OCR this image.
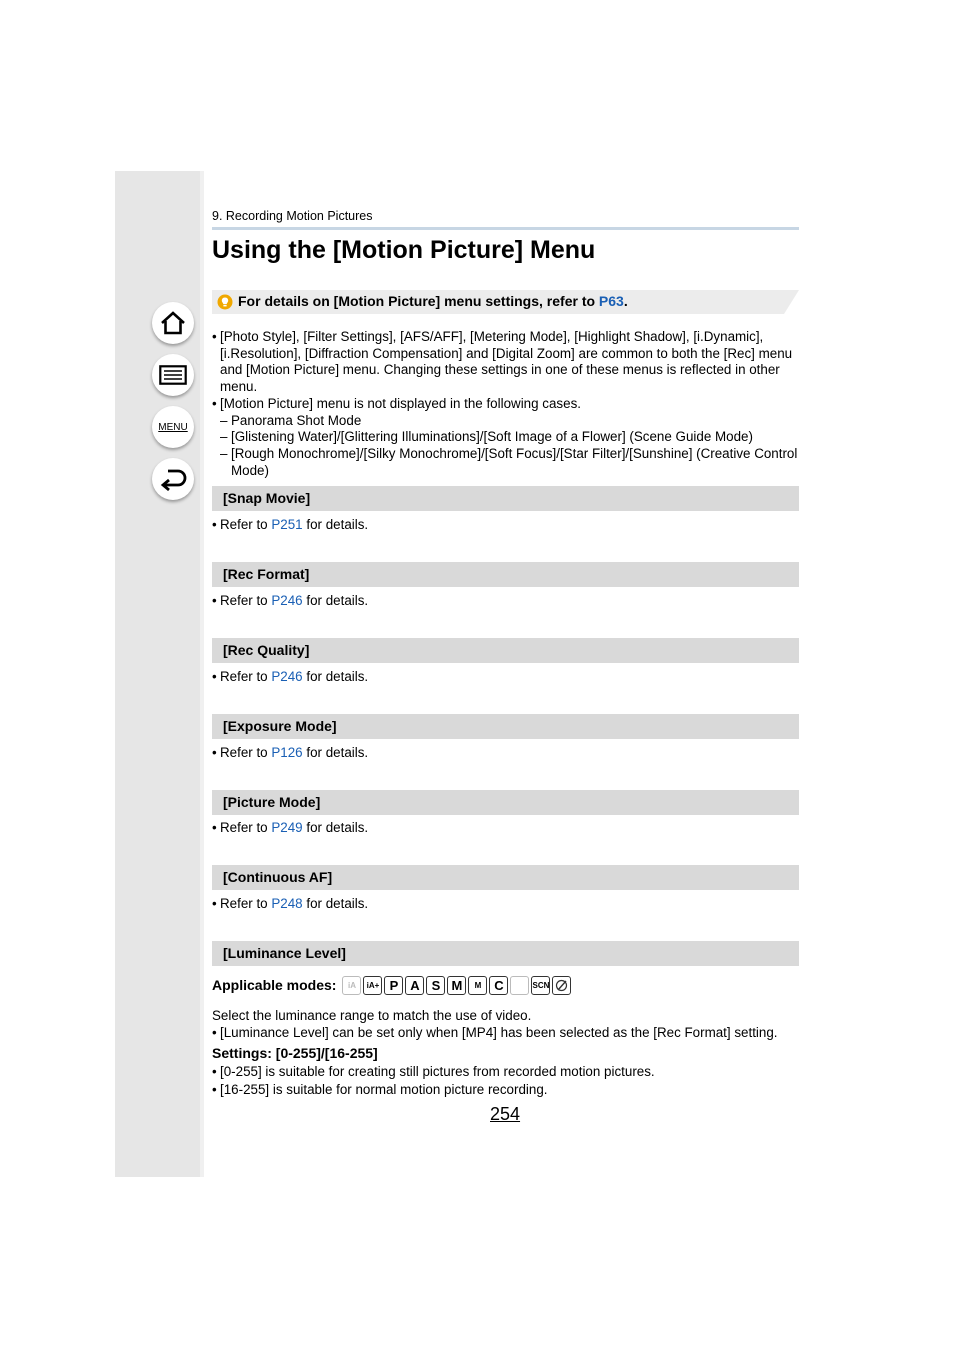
MENU
9. Recording Motion Pictures
Using the [Motion Picture] Menu
For details on [Motion Picture] menu settings, refer to P63.
• [Photo Style], [Filter Settings], [AFS/AFF], [Metering Mode], [Highlight Shadow], [i.Dynamic], [i.Resolution], [Diffraction Compensation] and [Digital Zoom] are common to both the [Rec] menu and [Motion Picture] menu. Changing these settings in one of these menus is reflected in other menu.
• [Motion Picture] menu is not displayed in the following cases.
– Panorama Shot Mode
– [Glistening Water]/[Glittering Illuminations]/[Soft Image of a Flower] (Scene Guide Mode)
– [Rough Monochrome]/[Silky Monochrome]/[Soft Focus]/[Star Filter]/[Sunshine] (Creative Control Mode)
[Snap Movie]
• Refer to P251 for details.
[Rec Format]
• Refer to P246 for details.
[Rec Quality]
• Refer to P246 for details.
[Exposure Mode]
• Refer to P126 for details.
[Picture Mode]
• Refer to P249 for details.
[Continuous AF]
• Refer to P248 for details.
[Luminance Level]
Applicable modes:	iA	iA+ P A S M	M C	SCN
Select the luminance range to match the use of video.
• [Luminance Level] can be set only when [MP4] has been selected as the [Rec Format] setting.
Settings: [0-255]/[16-255]
• [0-255] is suitable for creating still pictures from recorded motion pictures.
• [16-255] is suitable for normal motion picture recording.
254
